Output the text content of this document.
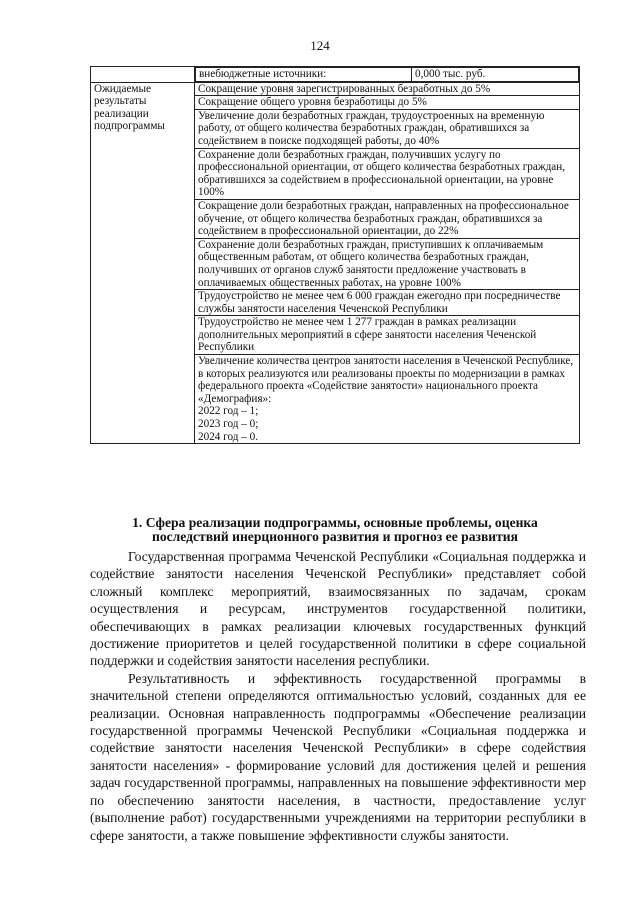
124

внебюджетные источники:	0,000 тыс. руб.

Ожидаемые результаты реализации подпрограммы	Сокращение уровня зарегистрированных безработных до 5%
Сокращение общего уровня безработицы до 5%
Увеличение доли безработных граждан, трудоустроенных на временную работу, от общего количества безработных граждан, обратившихся за содействием в поиске подходящей работы, до 40%
Сохранение доли безработных граждан, получивших услугу по профессиональной ориентации, от общего количества безработных граждан, обратившихся за содействием в профессиональной ориентации, на уровне 100%
Сокращение доли безработных граждан, направленных на профессиональное обучение, от общего количества безработных граждан, обратившихся за содействием в профессиональной ориентации, до 22%
Сохранение доли безработных граждан, приступивших к оплачиваемым общественным работам, от общего количества безработных граждан, получивших от органов служб занятости предложение участвовать в оплачиваемых общественных работах, на уровне 100%
Трудоустройство не менее чем 6 000 граждан ежегодно при посредничестве службы занятости населения Чеченской Республики
Трудоустройство не менее чем 1 277 граждан в рамках реализации дополнительных мероприятий в сфере занятости населения Чеченской Республики
Увеличение количества центров занятости населения в Чеченской Республике, в которых реализуются или реализованы проекты по модернизации в рамках федерального проекта «Содействие занятости» национального проекта «Демография»:
2022 год – 1;
2023 год – 0;
2024 год – 0.
1. Сфера реализации подпрограммы, основные проблемы, оценка последствий инерционного развития и прогноз ее развития

Государственная программа Чеченской Республики «Социальная поддержка и содействие занятости населения Чеченской Республики» представляет собой сложный комплекс мероприятий, взаимосвязанных по задачам, срокам осуществления и ресурсам, инструментов государственной политики, обеспечивающих в рамках реализации ключевых государственных функций достижение приоритетов и целей государственной политики в сфере социальной поддержки и содействия занятости населения республики.

Результативность и эффективность государственной программы в значительной степени определяются оптимальностью условий, созданных для ее реализации. Основная направленность подпрограммы «Обеспечение реализации государственной программы Чеченской Республики «Социальная поддержка и содействие занятости населения Чеченской Республики» в сфере содействия занятости населения» - формирование условий для достижения целей и решения задач государственной программы, направленных на повышение эффективности мер по обеспечению занятости населения, в частности, предоставление услуг (выполнение работ) государственными учреждениями на территории республики в сфере занятости, а также повышение эффективности службы занятости.
